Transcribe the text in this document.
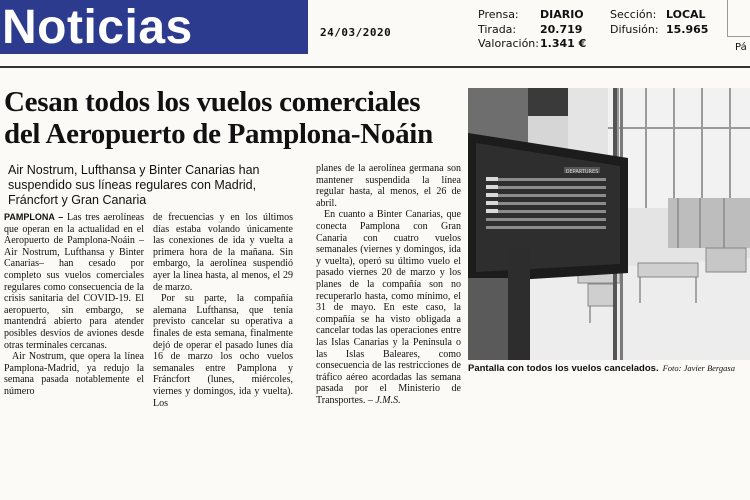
Noticias	24/03/2020
Prensa:
Tirada:
Valoración:
DIARIO
20.719
1.341 €
Sección:
Difusión:
LOCAL
15.965
Pá
Cesan todos los vuelos comerciales
del Aeropuerto de Pamplona-Noáin
Air Nostrum, Lufthansa y Binter Canarias han suspendido sus líneas regulares con Madrid, Fráncfort y Gran Canaria

PAMPLONA – Las tres aerolíneas que operan en la actualidad en el Aeropuerto de Pamplona-Noáin –Air Nostrum, Lufthansa y Binter Canarias– han cesado por completo sus vuelos comerciales regulares como consecuencia de la crisis sanitaria del COVID-19. El aeropuerto, sin embargo, se mantendrá abierto para atender posibles desvíos de aviones desde otras terminales cercanas.

Air Nostrum, que opera la línea Pamplona-Madrid, ya redujo la semana pasada notablemente el número

de frecuencias y en los últimos días estaba volando únicamente las conexiones de ida y vuelta a primera hora de la mañana. Sin embargo, la aerolínea suspendió ayer la línea hasta, al menos, el 29 de marzo.

Por su parte, la compañía alemana Lufthansa, que tenía previsto cancelar su operativa a finales de esta semana, finalmente dejó de operar el pasado lunes día 16 de marzo los ocho vuelos semanales entre Pamplona y Fráncfort (lunes, miércoles, viernes y domingos, ida y vuelta). Los

planes de la aerolínea germana son mantener suspendida la línea regular hasta, al menos, el 26 de abril.

En cuanto a Binter Canarias, que conecta Pamplona con Gran Canaria con cuatro vuelos semanales (viernes y domingos, ida y vuelta), operó su último vuelo el pasado viernes 20 de marzo y los planes de la compañía son no recuperarlo hasta, como mínimo, el 31 de mayo. En este caso, la compañía se ha visto obligada a cancelar todas las operaciones entre las Islas Canarias y la Península o las Islas Baleares, como consecuencia de las restricciones de tráfico aéreo acordadas las semana pasada por el Ministerio de Transportes. – J.M.S.

DEPARTURES
Pantalla con todos los vuelos cancelados. Foto: Javier Bergasa
